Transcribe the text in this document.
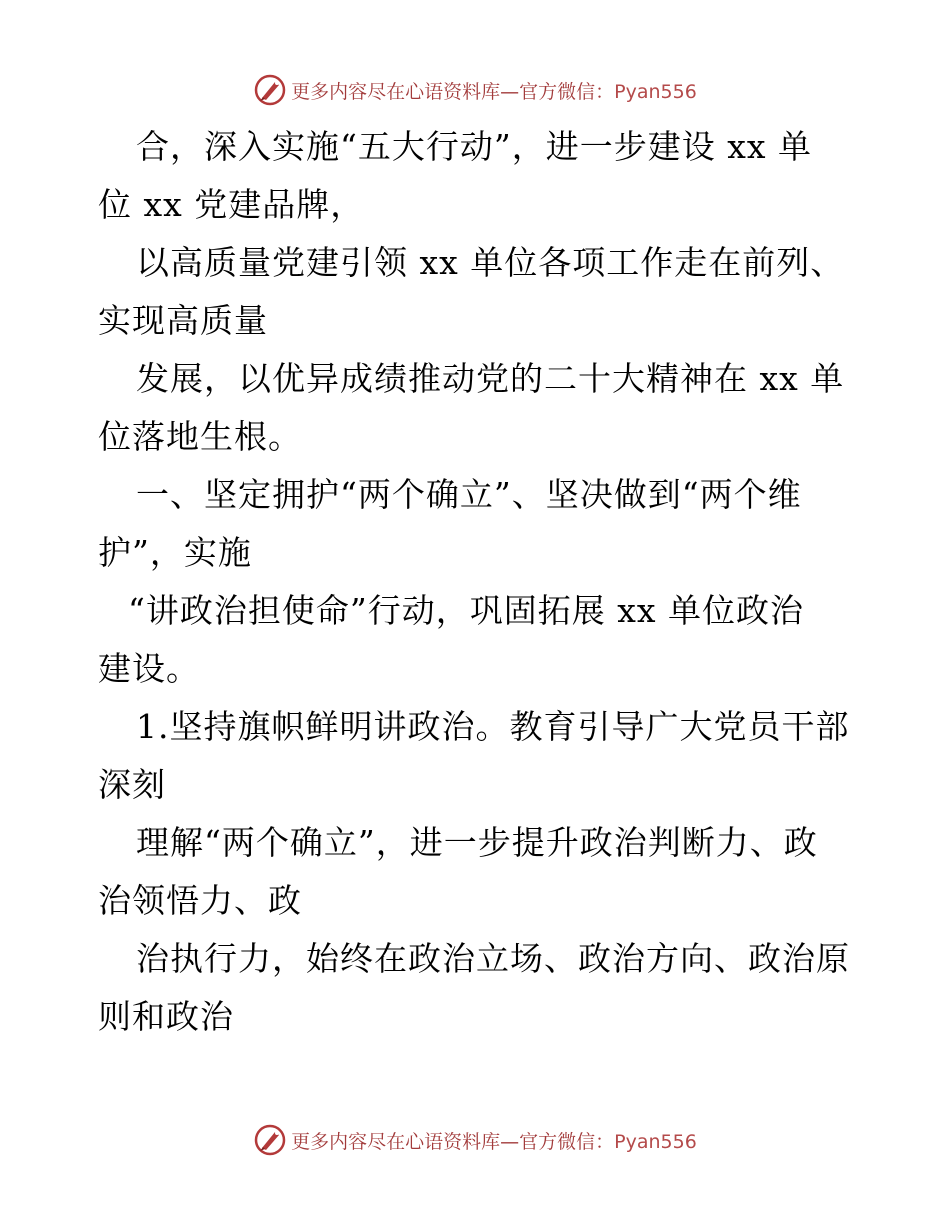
更多内容尽在心语资料库—官方微信：Pyan556
合，深入实施“五大行动”，进一步建设 xx 单
位 xx 党建品牌，
以高质量党建引领 xx 单位各项工作走在前列、
实现高质量
发展，以优异成绩推动党的二十大精神在 xx 单
位落地生根。
一、坚定拥护“两个确立”、坚决做到“两个维
护”，实施
“讲政治担使命”行动，巩固拓展 xx 单位政治
建设。
1.坚持旗帜鲜明讲政治。教育引导广大党员干部
深刻
理解“两个确立”，进一步提升政治判断力、政
治领悟力、政
治执行力，始终在政治立场、政治方向、政治原
则和政治
更多内容尽在心语资料库—官方微信：Pyan556
